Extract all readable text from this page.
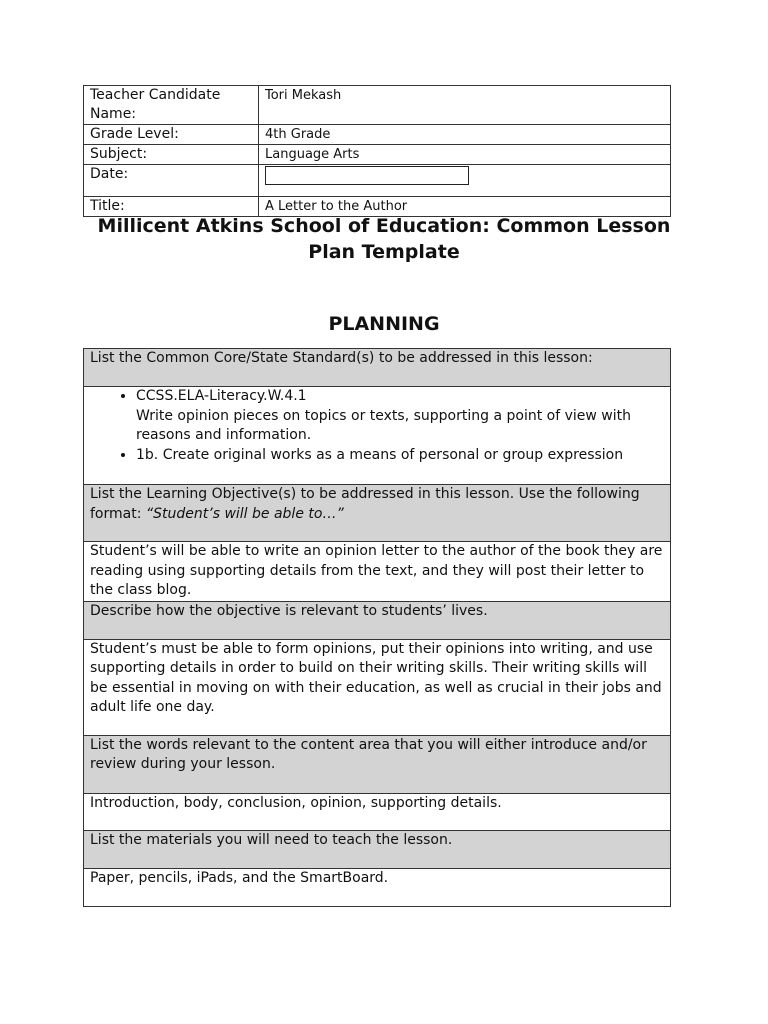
Teacher Candidate Name:	Tori Mekash
Grade Level:	4th Grade
Subject:	Language Arts
Date:	

Title:	A Letter to the Author
Millicent Atkins School of Education: Common Lesson Plan Template
PLANNING
List the Common Core/State Standard(s) to be addressed in this lesson:

• CCSS.ELA-Literacy.W.4.1
Write opinion pieces on topics or texts, supporting a point of view with reasons and information.
• 1b. Create original works as a means of personal or group expression

List the Learning Objective(s) to be addressed in this lesson. Use the following format: “Student’s will be able to…”
Student’s will be able to write an opinion letter to the author of the book they are reading using supporting details from the text, and they will post their letter to the class blog.
Describe how the objective is relevant to students’ lives.
Student’s must be able to form opinions, put their opinions into writing, and use supporting details in order to build on their writing skills. Their writing skills will be essential in moving on with their education, as well as crucial in their jobs and adult life one day.
List the words relevant to the content area that you will either introduce and/or review during your lesson.
Introduction, body, conclusion, opinion, supporting details.
List the materials you will need to teach the lesson.
Paper, pencils, iPads, and the SmartBoard.
